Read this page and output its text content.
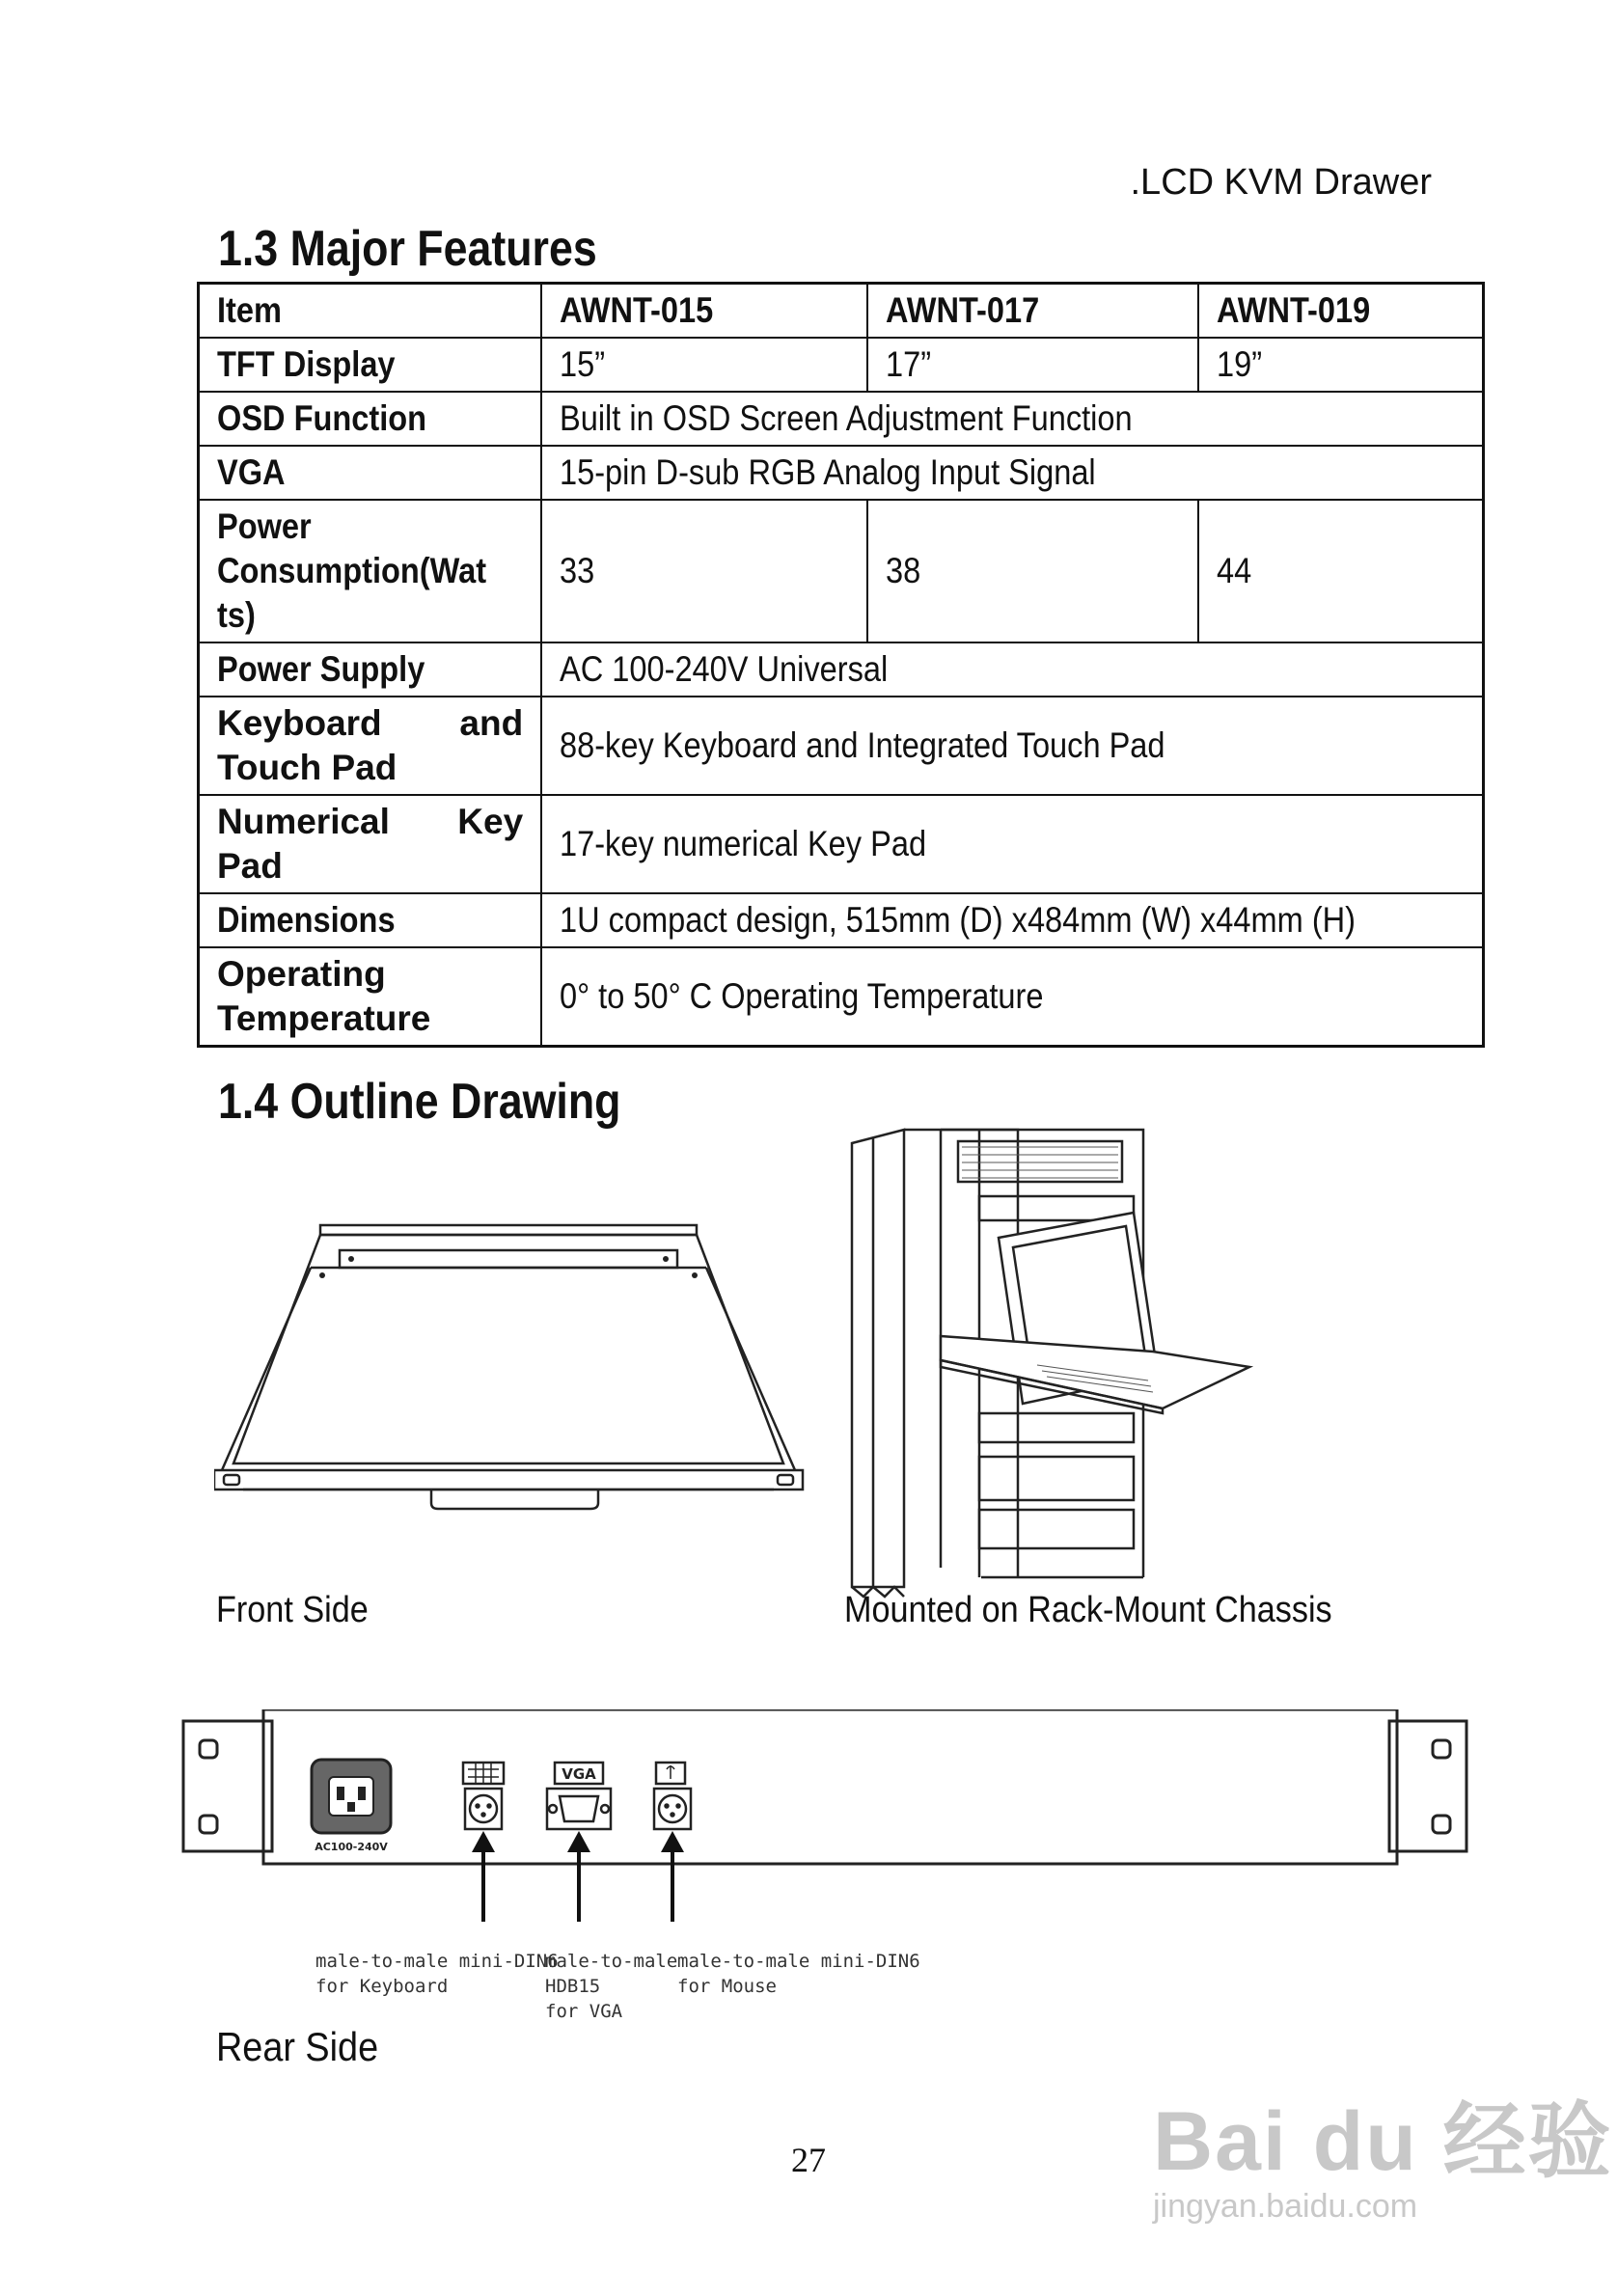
.LCD KVM Drawer
1.3 Major Features
Item	AWNT-015	AWNT-017	AWNT-019
TFT Display	15”	17”	19”
OSD Function	Built in OSD Screen Adjustment Function		
VGA	15-pin D-sub RGB Analog Input Signal		
Power
Consumption(Wat
ts)	33	38	44
Power Supply	AC 100-240V Universal		

Keyboard and
Touch Pad	88-key Keyboard and Integrated Touch Pad		

Numerical Key
Pad	17-key numerical Key Pad		
Dimensions	1U compact design, 515mm (D) x484mm (W) x44mm (H)		

Operating
Temperature	0° to 50° C Operating Temperature		
1.4 Outline Drawing
Front Side	Mounted on Rack-Mount Chassis
AC100-240V
VGA
male-to-male mini-DIN6
for Keyboard
male-to-male
HDB15
for VGA
male-to-male mini-DIN6
for Mouse
Rear Side
27	Bai du 经验
jingyan.baidu.com
